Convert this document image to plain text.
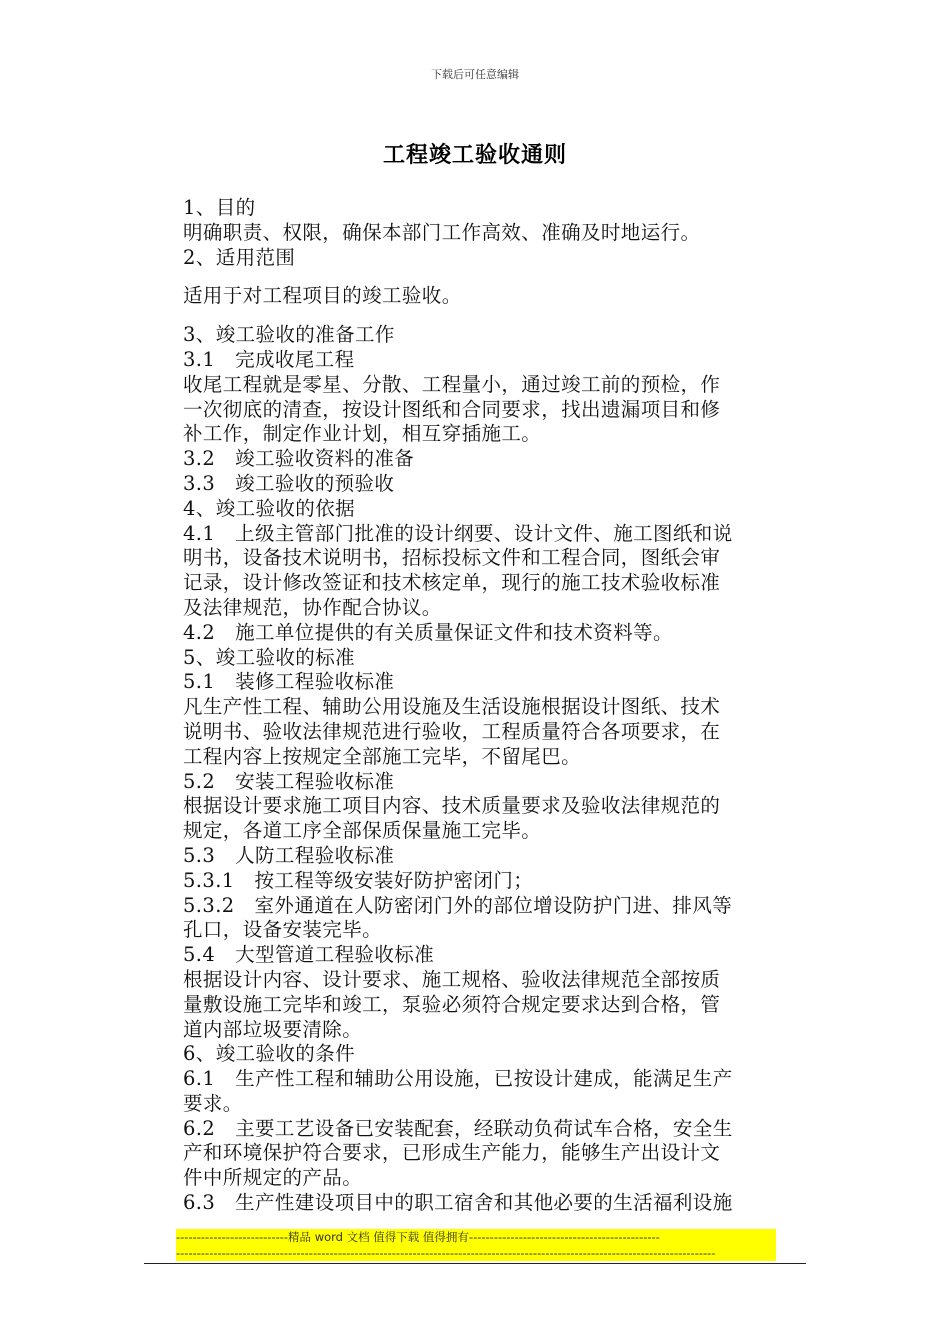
下载后可任意编辑
工程竣工验收通则
1、目的
明确职责、权限，确保本部门工作高效、准确及时地运行。
2、适用范围
适用于对工程项目的竣工验收。
3、竣工验收的准备工作
3.1　完成收尾工程
收尾工程就是零星、分散、工程量小，通过竣工前的预检，作
一次彻底的清查，按设计图纸和合同要求，找出遗漏项目和修
补工作，制定作业计划，相互穿插施工。
3.2　竣工验收资料的准备
3.3　竣工验收的预验收
4、竣工验收的依据
4.1　上级主管部门批准的设计纲要、设计文件、施工图纸和说
明书，设备技术说明书，招标投标文件和工程合同，图纸会审
记录，设计修改签证和技术核定单，现行的施工技术验收标准
及法律规范，协作配合协议。
4.2　施工单位提供的有关质量保证文件和技术资料等。
5、竣工验收的标准
5.1　装修工程验收标准
凡生产性工程、辅助公用设施及生活设施根据设计图纸、技术
说明书、验收法律规范进行验收，工程质量符合各项要求，在
工程内容上按规定全部施工完毕，不留尾巴。
5.2　安装工程验收标准
根据设计要求施工项目内容、技术质量要求及验收法律规范的
规定，各道工序全部保质保量施工完毕。
5.3　人防工程验收标准
5.3.1　按工程等级安装好防护密闭门；
5.3.2　室外通道在人防密闭门外的部位增设防护门进、排风等
孔口，设备安装完毕。
5.4　大型管道工程验收标准
根据设计内容、设计要求、施工规格、验收法律规范全部按质
量敷设施工完毕和竣工，泵验必须符合规定要求达到合格，管
道内部垃圾要清除。
6、竣工验收的条件
6.1　生产性工程和辅助公用设施，已按设计建成，能满足生产
要求。
6.2　主要工艺设备已安装配套，经联动负荷试车合格，安全生
产和环境保护符合要求，已形成生产能力，能够生产出设计文
件中所规定的产品。
6.3　生产性建设项目中的职工宿舍和其他必要的生活福利设施
---------------------------精品 word 文档 值得下载 值得拥有----------------------------------------------
----------------------------------------------------------------------------------------------------------------------------------
